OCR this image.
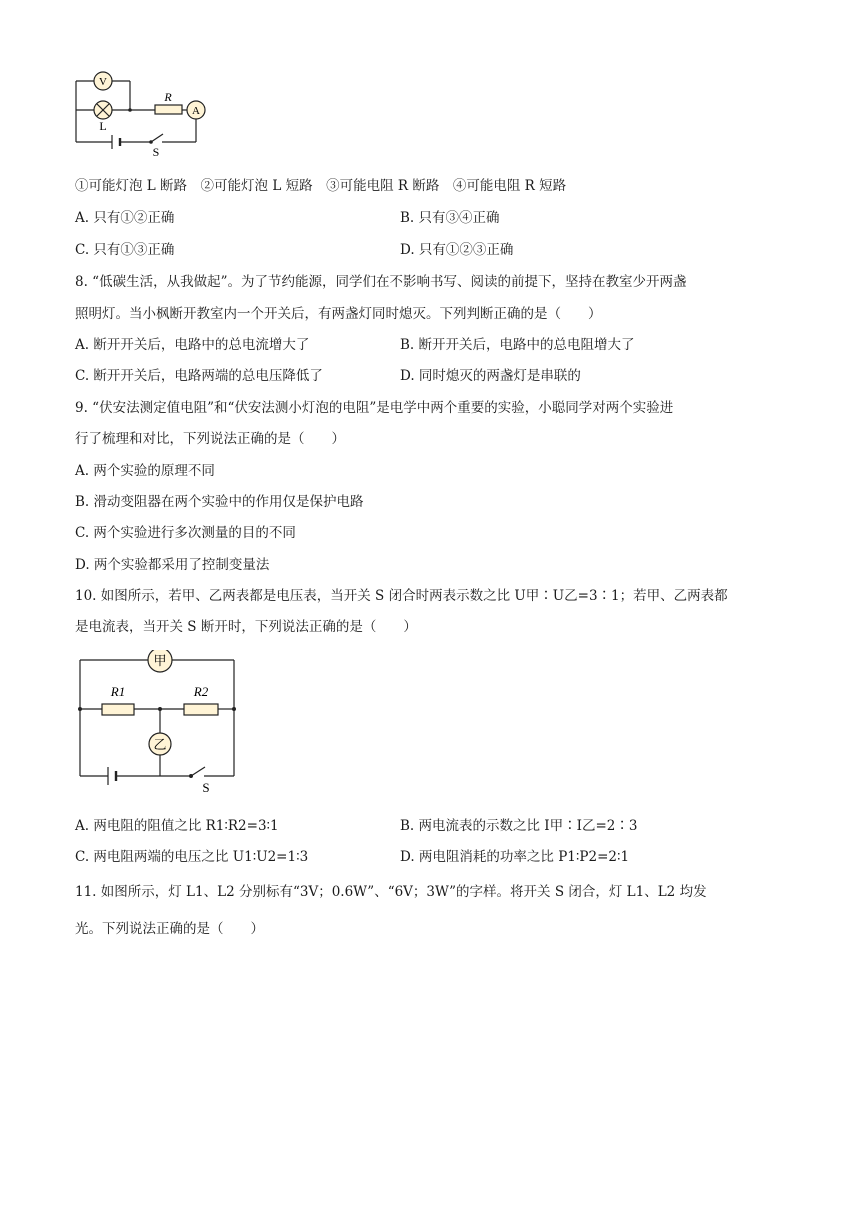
V
L
R
A
S
①可能灯泡 L 断路　②可能灯泡 L 短路　③可能电阻 R 断路　④可能电阻 R 短路
A. 只有①②正确	B. 只有③④正确
C. 只有①③正确	D. 只有①②③正确
8. “低碳生活，从我做起”。为了节约能源，同学们在不影响书写、阅读的前提下，坚持在教室少开两盏
照明灯。当小枫断开教室内一个开关后，有两盏灯同时熄灭。下列判断正确的是（　　）
A. 断开开关后，电路中的总电流增大了	B. 断开开关后，电路中的总电阻增大了
C. 断开开关后，电路两端的总电压降低了	D. 同时熄灭的两盏灯是串联的
9. “伏安法测定值电阻”和“伏安法测小灯泡的电阻”是电学中两个重要的实验，小聪同学对两个实验进
行了梳理和对比，下列说法正确的是（　　）
A. 两个实验的原理不同
B. 滑动变阻器在两个实验中的作用仅是保护电路
C. 两个实验进行多次测量的目的不同
D. 两个实验都采用了控制变量法
10. 如图所示，若甲、乙两表都是电压表，当开关 S 闭合时两表示数之比 U甲∶U乙=3∶1；若甲、乙两表都
是电流表，当开关 S 断开时，下列说法正确的是（　　）
甲
R1	R2
乙
S
A. 两电阻的阻值之比 R1∶R2=3∶1	B. 两电流表的示数之比 I甲∶I乙=2∶3
C. 两电阻两端的电压之比 U1∶U2=1∶3	D. 两电阻消耗的功率之比 P1∶P2=2∶1
11. 如图所示，灯 L1、L2 分别标有“3V；0.6W”、“6V；3W”的字样。将开关 S 闭合，灯 L1、L2 均发
光。下列说法正确的是（　　）
